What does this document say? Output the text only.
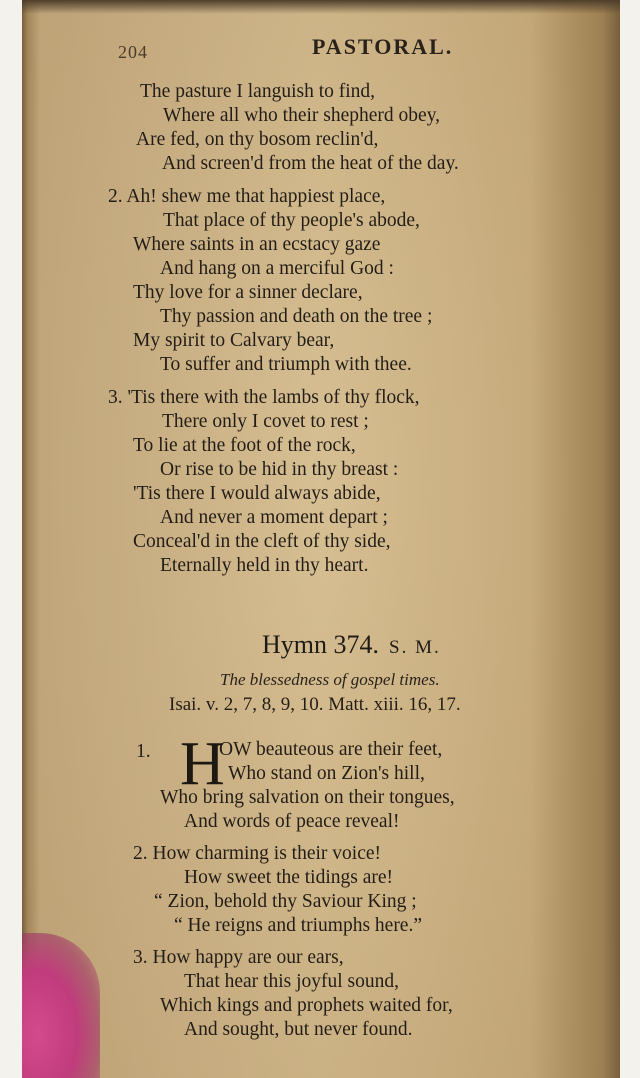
204	PASTORAL.
The pasture I languish to find,
Where all who their shepherd obey,
Are fed, on thy bosom reclin'd,
And screen'd from the heat of the day.
2. Ah! shew me that happiest place,
That place of thy people's abode,
Where saints in an ecstacy gaze
And hang on a merciful God :
Thy love for a sinner declare,
Thy passion and death on the tree ;
My spirit to Calvary bear,
To suffer and triumph with thee.
3. 'Tis there with the lambs of thy flock,
There only I covet to rest ;
To lie at the foot of the rock,
Or rise to be hid in thy breast :
'Tis there I would always abide,
And never a moment depart ;
Conceal'd in the cleft of thy side,
Eternally held in thy heart.
Hymn 374. S. M.
The blessedness of gospel times.
Isai. v. 2, 7, 8, 9, 10. Matt. xiii. 16, 17.
1. H
OW beauteous are their feet,
Who stand on Zion's hill,
Who bring salvation on their tongues,
And words of peace reveal!
2. How charming is their voice!
How sweet the tidings are!
“ Zion, behold thy Saviour King ;
“ He reigns and triumphs here.”
3. How happy are our ears,
That hear this joyful sound,
Which kings and prophets waited for,
And sought, but never found.
